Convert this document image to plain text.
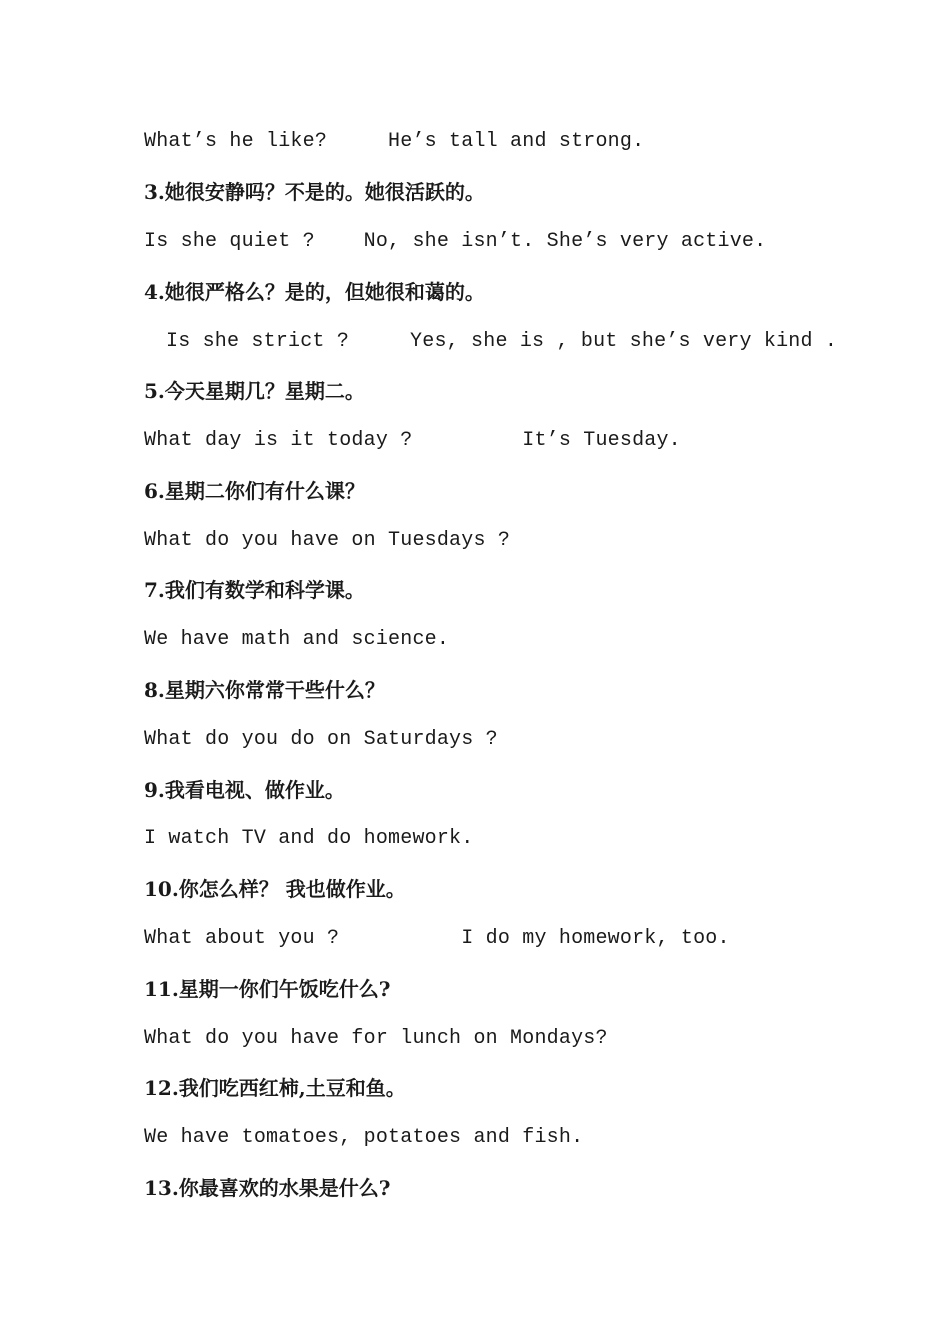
What’s he like?     He’s tall and strong.
3.她很安静吗？不是的。她很活跃的。
Is she quiet ?    No, she isn’t. She’s very active.
4.她很严格么？是的，但她很和蔼的。
Is she strict ?     Yes, she is , but she’s very kind .
5.今天星期几？星期二。
What day is it today ?         It’s Tuesday.
6.星期二你们有什么课？
What do you have on Tuesdays ?
7.我们有数学和科学课。
We have math and science.
8.星期六你常常干些什么？
What do you do on Saturdays ?
9.我看电视、做作业。
I watch TV and do homework.
10.你怎么样？ 我也做作业。
What about you ?          I do my homework, too.
11.星期一你们午饭吃什么?
What do you have for lunch on Mondays?
12.我们吃西红柿,土豆和鱼。
We have tomatoes, potatoes and fish.
13.你最喜欢的水果是什么?
